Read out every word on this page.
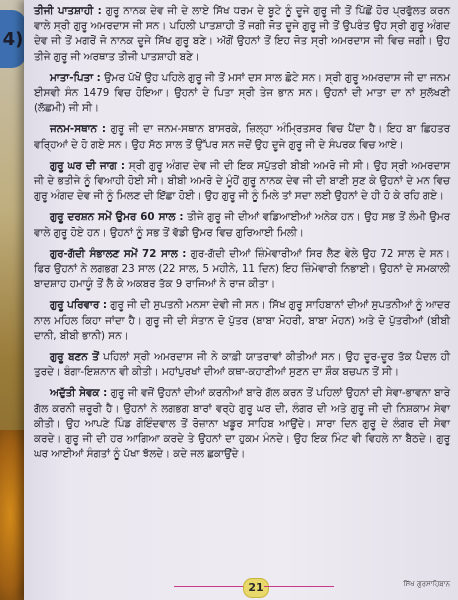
4)

ਤੀਜੀ ਪਾਤਸ਼ਾਹੀ : ਗੁਰੂ ਨਾਨਕ ਦੇਵ ਜੀ ਦੇ ਲਾਏ ਸਿੱਖ ਧਰਮ ਦੇ ਬੂਟੇ ਨੂੰ ਦੂਜੇ ਗੁਰੂ ਜੀ ਤੋਂ ਪਿੱਛੋਂ ਹੋਰ ਪ੍ਰਫੁੱਲਤ ਕਰਨ ਵਾਲੇ ਸ੍ਰੀ ਗੁਰੂ ਅਮਰਦਾਸ ਜੀ ਸਨ। ਪਹਿਲੀ ਪਾਤਸ਼ਾਹੀ ਤੋਂ ਜਗੀ ਜੋਤ ਦੂਜੇ ਗੁਰੂ ਜੀ ਤੋਂ ਉਪਰੰਤ ਉਹ ਸ੍ਰੀ ਗੁਰੂ ਅੰਗਦ ਦੇਵ ਜੀ ਤੋਂ ਮਗਰੋਂ ਜੋ ਨਾਨਕ ਦੂਜੇ ਸਿੱਖ ਗੁਰੂ ਬਣੇ। ਅੱਗੋਂ ਉਹਨਾਂ ਤੋਂ ਇਹ ਜੋਤ ਸ੍ਰੀ ਅਮਰਦਾਸ ਜੀ ਵਿਚ ਜਗੀ। ਉਹ ਤੀਜੇ ਗੁਰੂ ਜੀ ਅਰਥਾਤ ਤੀਜੀ ਪਾਤਸ਼ਾਹੀ ਬਣੇ।

ਮਾਤਾ-ਪਿਤਾ : ਉਮਰ ਪੱਖੋਂ ਉਹ ਪਹਿਲੇ ਗੁਰੂ ਜੀ ਤੋਂ ਮਸਾਂ ਦਸ ਸਾਲ ਛੋਟੇ ਸਨ। ਸ੍ਰੀ ਗੁਰੂ ਅਮਰਦਾਸ ਜੀ ਦਾ ਜਨਮ ਈਸਵੀ ਸੰਨ 1479 ਵਿਚ ਹੋਇਆ। ਉਹਨਾਂ ਦੇ ਪਿਤਾ ਸ੍ਰੀ ਤੇਜ ਭਾਨ ਸਨ। ਉਹਨਾਂ ਦੀ ਮਾਤਾ ਦਾ ਨਾਂ ਸੁਲੱਖਣੀ (ਲੱਛਮੀ) ਜੀ ਸੀ।

ਜਨਮ-ਸਥਾਨ : ਗੁਰੂ ਜੀ ਦਾ ਜਨਮ-ਸਥਾਨ ਬਾਸਰਕੇ, ਜ਼ਿਲ੍ਹਾ ਅੰਮ੍ਰਿਤਸਰ ਵਿਚ ਪੈਂਦਾ ਹੈ। ਇਹ ਬਾ ਛਿਹਤਰ ਵਰ੍ਹਿਆਂ ਦੇ ਹੋ ਗਏ ਸਨ। ਉਹ ਸੱਠ ਸਾਲ ਤੋਂ ਉੱਪਰ ਸਨ ਜਦੋਂ ਉਹ ਦੂਜੇ ਗੁਰੂ ਜੀ ਦੇ ਸੰਪਰਕ ਵਿਚ ਆਏ।

ਗੁਰੂ ਘਰ ਦੀ ਜਾਗ : ਸ੍ਰੀ ਗੁਰੂ ਅੰਗਦ ਦੇਵ ਜੀ ਦੀ ਇਕ ਸਪੁੱਤਰੀ ਬੀਬੀ ਅਮਰੋ ਜੀ ਸੀ। ਉਹ ਸ੍ਰੀ ਅਮਰਦਾਸ ਜੀ ਦੇ ਭਤੀਜੇ ਨੂੰ ਵਿਆਹੀ ਹੋਈ ਸੀ। ਬੀਬੀ ਅਮਰੋ ਦੇ ਮੂੰਹੋਂ ਗੁਰੂ ਨਾਨਕ ਦੇਵ ਜੀ ਦੀ ਬਾਣੀ ਸੁਣ ਕੇ ਉਹਨਾਂ ਦੇ ਮਨ ਵਿਚ ਗੁਰੂ ਅੰਗਦ ਦੇਵ ਜੀ ਨੂੰ ਮਿਲਣ ਦੀ ਇੱਛਾ ਹੋਈ। ਉਹ ਗੁਰੂ ਜੀ ਨੂੰ ਮਿਲੇ ਤਾਂ ਸਦਾ ਲਈ ਉਹਨਾਂ ਦੇ ਹੀ ਹੋ ਕੇ ਰਹਿ ਗਏ।

ਗੁਰੂ ਦਰਸ਼ਨ ਸਮੇਂ ਉਮਰ 60 ਸਾਲ : ਤੀਜੇ ਗੁਰੂ ਜੀ ਦੀਆਂ ਵਡਿਆਈਆਂ ਅਨੇਕ ਹਨ। ਉਹ ਸਭ ਤੋਂ ਲੰਮੀ ਉਮਰ ਵਾਲੇ ਗੁਰੂ ਹੋਏ ਹਨ। ਉਹਨਾਂ ਨੂੰ ਸਭ ਤੋਂ ਵੱਡੀ ਉਮਰ ਵਿਚ ਗੁਰਿਆਈ ਮਿਲੀ।

ਗੁਰ-ਗੱਦੀ ਸੰਭਾਲਣ ਸਮੇਂ 72 ਸਾਲ : ਗੁਰ-ਗੱਦੀ ਦੀਆਂ ਜ਼ਿੰਮੇਵਾਰੀਆਂ ਸਿਰ ਲੈਣ ਵੇਲੇ ਉਹ 72 ਸਾਲ ਦੇ ਸਨ। ਫਿਰ ਉਹਨਾਂ ਨੇ ਲਗਭਗ 23 ਸਾਲ (22 ਸਾਲ, 5 ਮਹੀਨੇ, 11 ਦਿਨ) ਇਹ ਜ਼ਿੰਮੇਵਾਰੀ ਨਿਭਾਈ। ਉਹਨਾਂ ਦੇ ਸਮਕਾਲੀ ਬਾਦਸ਼ਾਹ ਹਮਾਯੂੰ ਤੋਂ ਲੈ ਕੇ ਅਕਬਰ ਤੱਕ 9 ਰਾਜਿਆਂ ਨੇ ਰਾਜ ਕੀਤਾ।

ਗੁਰੂ ਪਰਿਵਾਰ : ਗੁਰੂ ਜੀ ਦੀ ਸੁਪਤਨੀ ਮਨਸਾ ਦੇਵੀ ਜੀ ਸਨ। ਸਿੱਖ ਗੁਰੂ ਸਾਹਿਬਾਨਾਂ ਦੀਆਂ ਸੁਪਤਨੀਆਂ ਨੂੰ ਆਦਰ ਨਾਲ ਮਹਿਲ ਕਿਹਾ ਜਾਂਦਾ ਹੈ। ਗੁਰੂ ਜੀ ਦੀ ਸੰਤਾਨ ਦੋ ਪੁੱਤਰ (ਬਾਬਾ ਮੋਹਰੀ, ਬਾਬਾ ਮੋਹਨ) ਅਤੇ ਦੋ ਪੁੱਤਰੀਆਂ (ਬੀਬੀ ਦਾਨੀ, ਬੀਬੀ ਭਾਨੀ) ਸਨ।

ਗੁਰੂ ਬਣਨ ਤੋਂ ਪਹਿਲਾਂ ਸ੍ਰੀ ਅਮਰਦਾਸ ਜੀ ਨੇ ਕਾਫ਼ੀ ਯਾਤਰਾਵਾਂ ਕੀਤੀਆਂ ਸਨ। ਉਹ ਦੂਰ-ਦੂਰ ਤੱਕ ਪੈਦਲ ਹੀ ਤੁਰਦੇ। ਬੰਗਾ-ਇਸ਼ਨਾਨ ਵੀ ਕੀਤੀ। ਮਹਾਂਪੁਰਖਾਂ ਦੀਆਂ ਕਥਾ-ਕਹਾਣੀਆਂ ਸੁਣਨ ਦਾ ਸ਼ੌਕ ਬਚਪਨ ਤੋਂ ਸੀ।

ਅਦੁੱਤੀ ਸੇਵਕ : ਗੁਰੂ ਜੀ ਵਜੋਂ ਉਹਨਾਂ ਦੀਆਂ ਕਰਨੀਆਂ ਬਾਰੇ ਗੱਲ ਕਰਨ ਤੋਂ ਪਹਿਲਾਂ ਉਹਨਾਂ ਦੀ ਸੇਵਾ-ਭਾਵਨਾ ਬਾਰੇ ਗੱਲ ਕਰਨੀ ਜ਼ਰੂਰੀ ਹੈ। ਉਹਨਾਂ ਨੇ ਲਗਭਗ ਬਾਰਾਂ ਵਰ੍ਹੇ ਗੁਰੂ ਘਰ ਦੀ, ਲੰਗਰ ਦੀ ਅਤੇ ਗੁਰੂ ਜੀ ਦੀ ਨਿਸ਼ਕਾਮ ਸੇਵਾ ਕੀਤੀ। ਉਹ ਆਪਣੇ ਪਿੰਡ ਗੋਇੰਦਵਾਲ ਤੋਂ ਰੋਜ਼ਾਨਾ ਖਡੂਰ ਸਾਹਿਬ ਆਉਂਦੇ। ਸਾਰਾ ਦਿਨ ਗੁਰੂ ਦੇ ਲੰਗਰ ਦੀ ਸੇਵਾ ਕਰਦੇ। ਗੁਰੂ ਜੀ ਦੀ ਹਰ ਆਗਿਆ ਕਰਦੇ ਤੇ ਉਹਨਾਂ ਦਾ ਹੁਕਮ ਮੰਨਦੇ। ਉਹ ਇਕ ਮਿੰਟ ਵੀ ਵਿਹਲੇ ਨਾ ਬੈਠਦੇ। ਗੁਰੂ ਘਰ ਆਈਆਂ ਸੰਗਤਾਂ ਨੂੰ ਪੱਖਾ ਝੱਲਦੇ। ਕਦੇ ਜਲ ਛਕਾਉਂਦੇ।

21	ਸਿੱਖ ਗੁਰਸਾਹਿਬਾਨ
